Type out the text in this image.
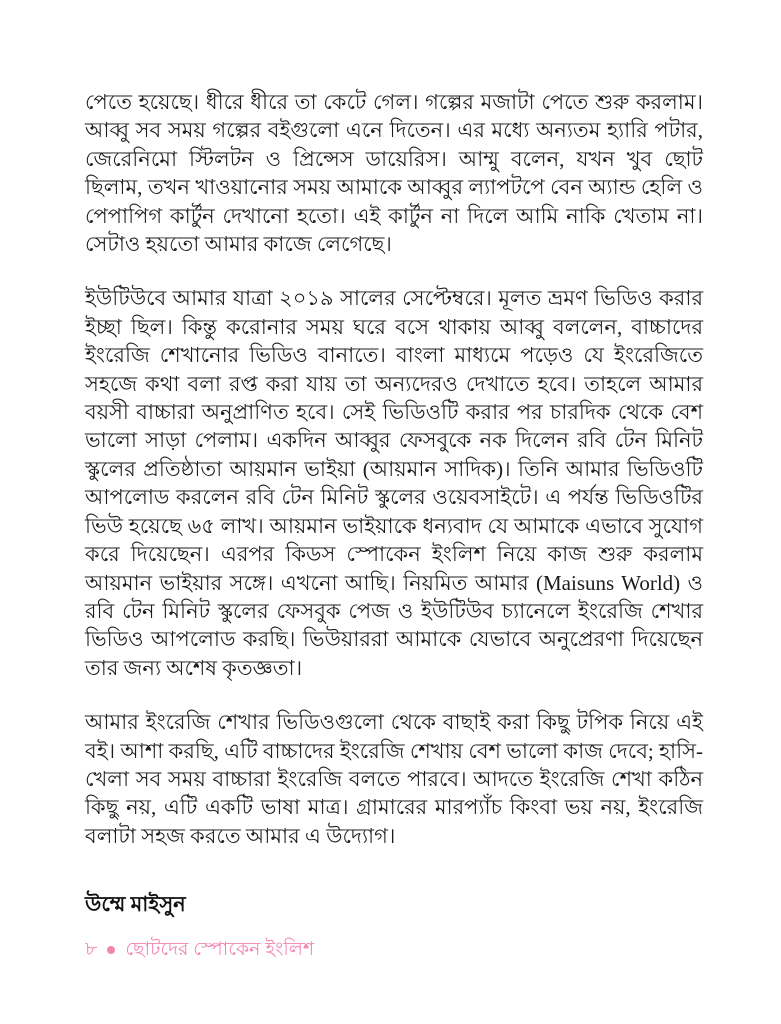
পেতে হয়েছে। ধীরে ধীরে তা কেটে গেল। গল্পের মজাটা পেতে শুরু করলাম। আব্বু সব সময় গল্পের বইগুলো এনে দিতেন। এর মধ্যে অন্যতম হ্যারি পটার, জেরেনিমো স্টিলটন ও প্রিন্সেস ডায়েরিস। আম্মু বলেন, যখন খুব ছোট ছিলাম, তখন খাওয়ানোর সময় আমাকে আব্বুর ল্যাপটপে বেন অ্যান্ড হেলি ও পেপাপিগ কার্টুন দেখানো হতো। এই কার্টুন না দিলে আমি নাকি খেতাম না। সেটাও হয়তো আমার কাজে লেগেছে।

ইউটিউবে আমার যাত্রা ২০১৯ সালের সেপ্টেম্বরে। মূলত ভ্রমণ ভিডিও করার ইচ্ছা ছিল। কিন্তু করোনার সময় ঘরে বসে থাকায় আব্বু বললেন, বাচ্চাদের ইংরেজি শেখানোর ভিডিও বানাতে। বাংলা মাধ্যমে পড়েও যে ইংরেজিতে সহজে কথা বলা রপ্ত করা যায় তা অন্যদেরও দেখাতে হবে। তাহলে আমার বয়সী বাচ্চারা অনুপ্রাণিত হবে। সেই ভিডিওটি করার পর চারদিক থেকে বেশ ভালো সাড়া পেলাম। একদিন আব্বুর ফেসবুকে নক দিলেন রবি টেন মিনিট স্কুলের প্রতিষ্ঠাতা আয়মান ভাইয়া (আয়মান সাদিক)। তিনি আমার ভিডিওটি আপলোড করলেন রবি টেন মিনিট স্কুলের ওয়েবসাইটে। এ পর্যন্ত ভিডিওটির ভিউ হয়েছে ৬৫ লাখ। আয়মান ভাইয়াকে ধন্যবাদ যে আমাকে এভাবে সুযোগ করে দিয়েছেন। এরপর কিডস স্পোকেন ইংলিশ নিয়ে কাজ শুরু করলাম আয়মান ভাইয়ার সঙ্গে। এখনো আছি। নিয়মিত আমার (Maisuns World) ও রবি টেন মিনিট স্কুলের ফেসবুক পেজ ও ইউটিউব চ্যানেলে ইংরেজি শেখার ভিডিও আপলোড করছি। ভিউয়াররা আমাকে যেভাবে অনুপ্রেরণা দিয়েছেন তার জন্য অশেষ কৃতজ্ঞতা।

আমার ইংরেজি শেখার ভিডিওগুলো থেকে বাছাই করা কিছু টপিক নিয়ে এই বই। আশা করছি, এটি বাচ্চাদের ইংরেজি শেখায় বেশ ভালো কাজ দেবে; হাসি-খেলা সব সময় বাচ্চারা ইংরেজি বলতে পারবে। আদতে ইংরেজি শেখা কঠিন কিছু নয়, এটি একটি ভাষা মাত্র। গ্রামারের মারপ্যাঁচ কিংবা ভয় নয়, ইংরেজি বলাটা সহজ করতে আমার এ উদ্যোগ।

উম্মে মাইসুন
৮ ছোটদের স্পোকেন ইংলিশ
